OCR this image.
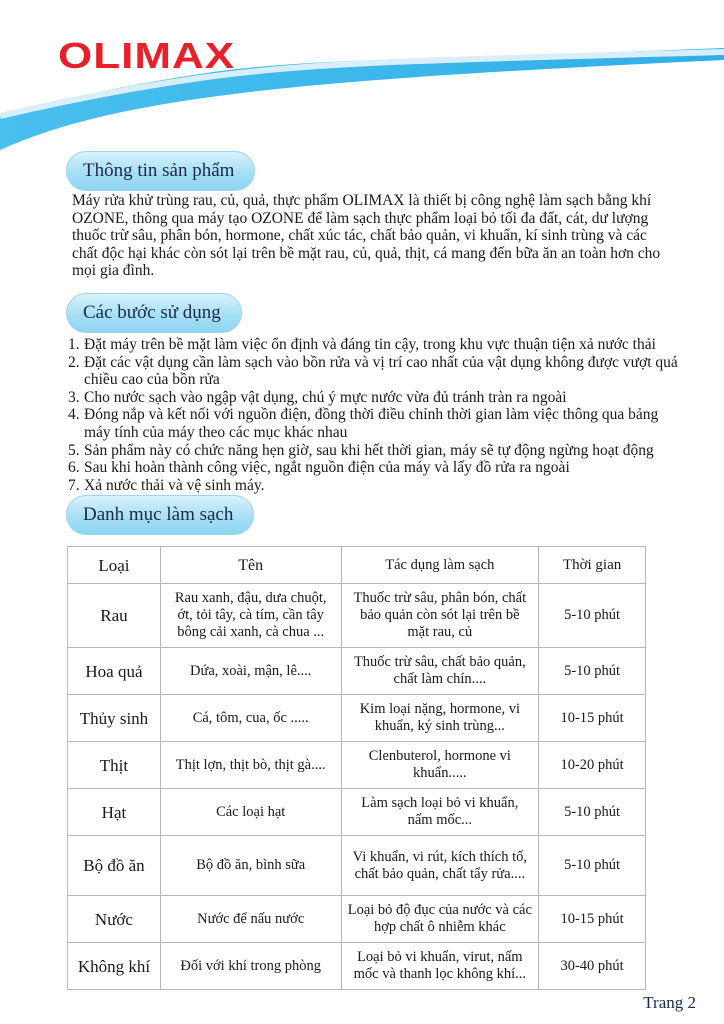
OLIMAX
Thông tin sản phẩm
Máy rửa khử trùng rau, củ, quả, thực phẩm OLIMAX là thiết bị công nghệ làm sạch bằng khí OZONE, thông qua máy tạo OZONE để làm sạch thực phẩm loại bỏ tối đa đất, cát, dư lượng thuốc trừ sâu, phân bón, hormone, chất xúc tác, chất bảo quản, vi khuẩn, kí sinh trùng và các chất độc hại khác còn sót lại trên bề mặt rau, củ, quả, thịt, cá mang đến bữa ăn an toàn hơn cho mọi gia đình.
Các bước sử dụng
1. Đặt máy trên bề mặt làm việc ổn định và đáng tin cậy, trong khu vực thuận tiện xả nước thải
2. Đặt các vật dụng cần làm sạch vào bồn rửa và vị trí cao nhất của vật dụng không được vượt quá chiều cao của bồn rửa
3. Cho nước sạch vào ngập vật dụng, chú ý mực nước vừa đủ tránh tràn ra ngoài
4. Đóng nắp và kết nối với nguồn điện, đồng thời điều chỉnh thời gian làm việc thông qua bảng máy tính của máy theo các mục khác nhau
5. Sản phẩm này có chức năng hẹn giờ, sau khi hết thời gian, máy sẽ tự động ngừng hoạt động
6. Sau khi hoàn thành công việc, ngắt nguồn điện của máy và lấy đồ rửa ra ngoài
7. Xả nước thải và vệ sinh máy.
Danh mục làm sạch
Loại	Tên	Tác dụng làm sạch	Thời gian
Rau	Rau xanh, đậu, dưa chuột, ớt, tỏi tây, cà tím, cần tây bông cải xanh, cà chua ...	Thuốc trừ sâu, phân bón, chất bảo quản còn sót lại trên bề mặt rau, củ	5-10 phút
Hoa quả	Dứa, xoài, mận, lê....	Thuốc trừ sâu, chất bảo quản, chất làm chín....	5-10 phút
Thủy sinh	Cá, tôm, cua, ốc .....	Kim loại nặng, hormone, vi khuẩn, ký sinh trùng...	10-15 phút
Thịt	Thịt lợn, thịt bò, thịt gà....	Clenbuterol, hormone vi khuẩn.....	10-20 phút
Hạt	Các loại hạt	Làm sạch loại bỏ vi khuẩn, nấm mốc...	5-10 phút
Bộ đồ ăn	Bộ đồ ăn, bình sữa	Vi khuẩn, vi rút, kích thích tố, chất bảo quản, chất tẩy rửa....	5-10 phút
Nước	Nước để nấu nước	Loại bỏ độ đục của nước và các hợp chất ô nhiễm khác	10-15 phút
Không khí	Đối với khí trong phòng	Loại bỏ vi khuẩn, virut, nấm mốc và thanh lọc không khí...	30-40 phút
Trang 2
